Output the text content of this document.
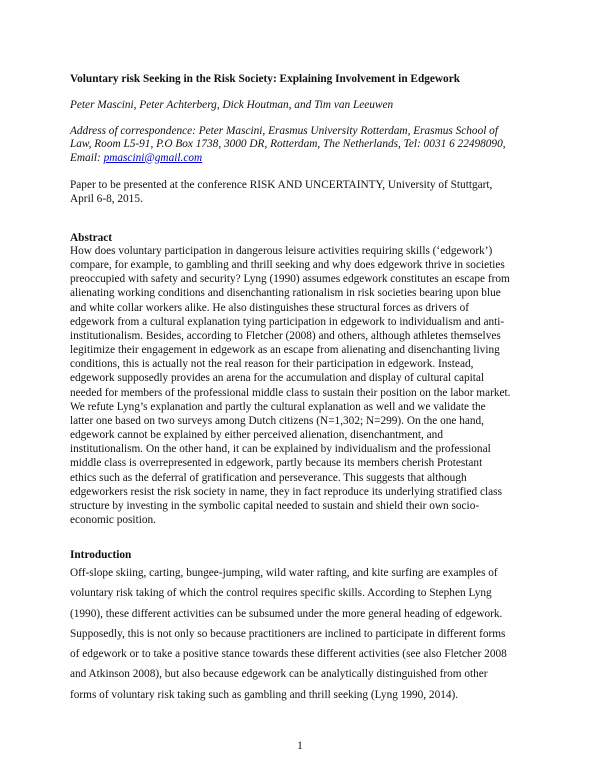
Voluntary risk Seeking in the Risk Society: Explaining Involvement in Edgework
Peter Mascini, Peter Achterberg, Dick Houtman, and Tim van Leeuwen
Address of correspondence: Peter Mascini, Erasmus University Rotterdam, Erasmus School of
Law, Room L5-91, P.O Box 1738, 3000 DR, Rotterdam, The Netherlands, Tel: 0031 6 22498090,
Email: pmascini@gmail.com
Paper to be presented at the conference RISK AND UNCERTAINTY, University of Stuttgart,
April 6-8, 2015.
Abstract
How does voluntary participation in dangerous leisure activities requiring skills (‘edgework’)
compare, for example, to gambling and thrill seeking and why does edgework thrive in societies
preoccupied with safety and security? Lyng (1990) assumes edgework constitutes an escape from
alienating working conditions and disenchanting rationalism in risk societies bearing upon blue
and white collar workers alike. He also distinguishes these structural forces as drivers of
edgework from a cultural explanation tying participation in edgework to individualism and anti-
institutionalism. Besides, according to Fletcher (2008) and others, although athletes themselves
legitimize their engagement in edgework as an escape from alienating and disenchanting living
conditions, this is actually not the real reason for their participation in edgework. Instead,
edgework supposedly provides an arena for the accumulation and display of cultural capital
needed for members of the professional middle class to sustain their position on the labor market.
We refute Lyng’s explanation and partly the cultural explanation as well and we validate the
latter one based on two surveys among Dutch citizens (N=1,302; N=299). On the one hand,
edgework cannot be explained by either perceived alienation, disenchantment, and
institutionalism. On the other hand, it can be explained by individualism and the professional
middle class is overrepresented in edgework, partly because its members cherish Protestant
ethics such as the deferral of gratification and perseverance. This suggests that although
edgeworkers resist the risk society in name, they in fact reproduce its underlying stratified class
structure by investing in the symbolic capital needed to sustain and shield their own socio-
economic position.
Introduction
Off-slope skiing, carting, bungee-jumping, wild water rafting, and kite surfing are examples of
voluntary risk taking of which the control requires specific skills. According to Stephen Lyng
(1990), these different activities can be subsumed under the more general heading of edgework.
Supposedly, this is not only so because practitioners are inclined to participate in different forms
of edgework or to take a positive stance towards these different activities (see also Fletcher 2008
and Atkinson 2008), but also because edgework can be analytically distinguished from other
forms of voluntary risk taking such as gambling and thrill seeking (Lyng 1990, 2014).
1
